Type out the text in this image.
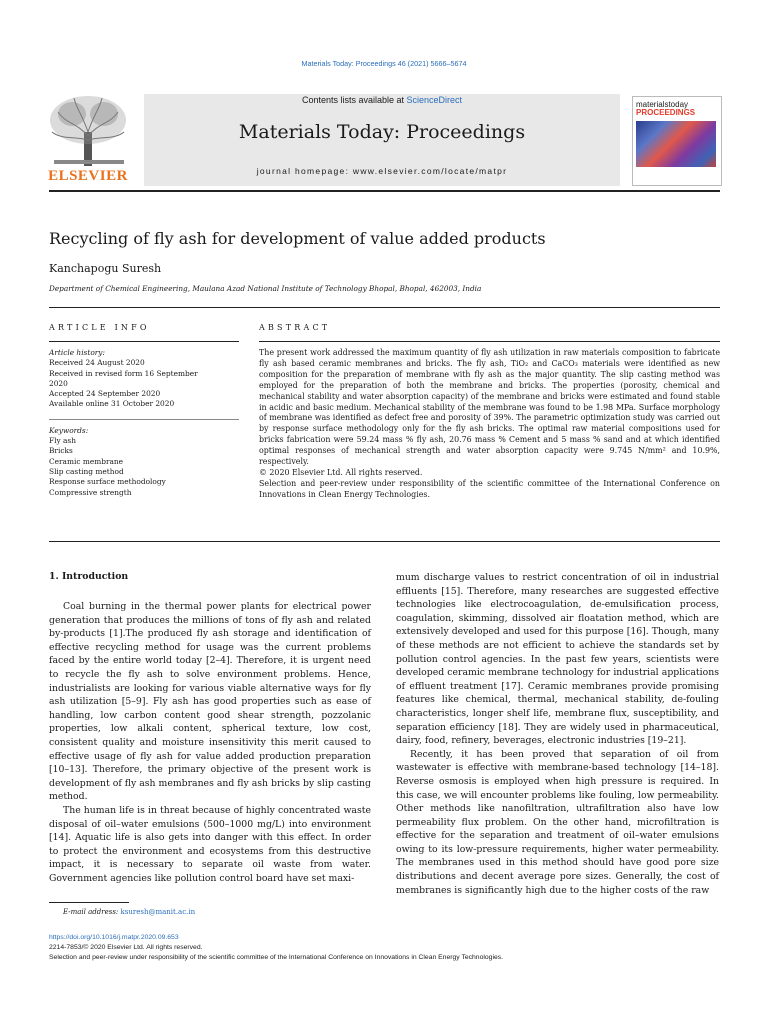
Materials Today: Proceedings 46 (2021) 5666–5674
ELSEVIER
Contents lists available at ScienceDirect
Materials Today: Proceedings
journal homepage: www.elsevier.com/locate/matpr
materialstoday
PROCEEDINGS
Recycling of fly ash for development of value added products
Kanchapogu Suresh
Department of Chemical Engineering, Maulana Azad National Institute of Technology Bhopal, Bhopal, 462003, India
ARTICLE INFO	ABSTRACT
Article history:
Received 24 August 2020
Received in revised form 16 September
2020
Accepted 24 September 2020
Available online 31 October 2020
Keywords:
Fly ash
Bricks
Ceramic membrane
Slip casting method
Response surface methodology
Compressive strength
The present work addressed the maximum quantity of fly ash utilization in raw materials composition to fabricate fly ash based ceramic membranes and bricks. The fly ash, TiO₂ and CaCO₃ materials were identified as new composition for the preparation of membrane with fly ash as the major quantity. The slip casting method was employed for the preparation of both the membrane and bricks. The properties (porosity, chemical and mechanical stability and water absorption capacity) of the membrane and bricks were estimated and found stable in acidic and basic medium. Mechanical stability of the membrane was found to be 1.98 MPa. Surface morphology of membrane was identified as defect free and porosity of 39%. The parametric optimization study was carried out by response surface methodology only for the fly ash bricks. The optimal raw material compositions used for bricks fabrication were 59.24 mass % fly ash, 20.76 mass % Cement and 5 mass % sand and at which identified optimal responses of mechanical strength and water absorption capacity were 9.745 N/mm² and 10.9%, respectively.
© 2020 Elsevier Ltd. All rights reserved.
Selection and peer-review under responsibility of the scientific committee of the International Conference on Innovations in Clean Energy Technologies.
1. Introduction

Coal burning in the thermal power plants for electrical power generation that produces the millions of tons of fly ash and related by-products [1].The produced fly ash storage and identification of effective recycling method for usage was the current problems faced by the entire world today [2–4]. Therefore, it is urgent need to recycle the fly ash to solve environment problems. Hence, industrialists are looking for various viable alternative ways for fly ash utilization [5–9]. Fly ash has good properties such as ease of handling, low carbon content good shear strength, pozzolanic properties, low alkali content, spherical texture, low cost, consistent quality and moisture insensitivity this merit caused to effective usage of fly ash for value added production preparation [10–13]. Therefore, the primary objective of the present work is development of fly ash membranes and fly ash bricks by slip casting method.

The human life is in threat because of highly concentrated waste disposal of oil–water emulsions (500–1000 mg/L) into environment [14]. Aquatic life is also gets into danger with this effect. In order to protect the environment and ecosystems from this destructive impact, it is necessary to separate oil waste from water. Government agencies like pollution control board have set maxi-

mum discharge values to restrict concentration of oil in industrial effluents [15]. Therefore, many researches are suggested effective technologies like electrocoagulation, de-emulsification process, coagulation, skimming, dissolved air floatation method, which are extensively developed and used for this purpose [16]. Though, many of these methods are not efficient to achieve the standards set by pollution control agencies. In the past few years, scientists were developed ceramic membrane technology for industrial applications of effluent treatment [17]. Ceramic membranes provide promising features like chemical, thermal, mechanical stability, de-fouling characteristics, longer shelf life, membrane flux, susceptibility, and separation efficiency [18]. They are widely used in pharmaceutical, dairy, food, refinery, beverages, electronic industries [19–21].

Recently, it has been proved that separation of oil from wastewater is effective with membrane-based technology [14–18]. Reverse osmosis is employed when high pressure is required. In this case, we will encounter problems like fouling, low permeability. Other methods like nanofiltration, ultrafiltration also have low permeability flux problem. On the other hand, microfiltration is effective for the separation and treatment of oil–water emulsions owing to its low-pressure requirements, higher water permeability. The membranes used in this method should have good pore size distributions and decent average pore sizes. Generally, the cost of membranes is significantly high due to the higher costs of the raw

E-mail address: ksuresh@manit.ac.in
https://doi.org/10.1016/j.matpr.2020.09.653
2214-7853/© 2020 Elsevier Ltd. All rights reserved.
Selection and peer-review under responsibility of the scientific committee of the International Conference on Innovations in Clean Energy Technologies.
